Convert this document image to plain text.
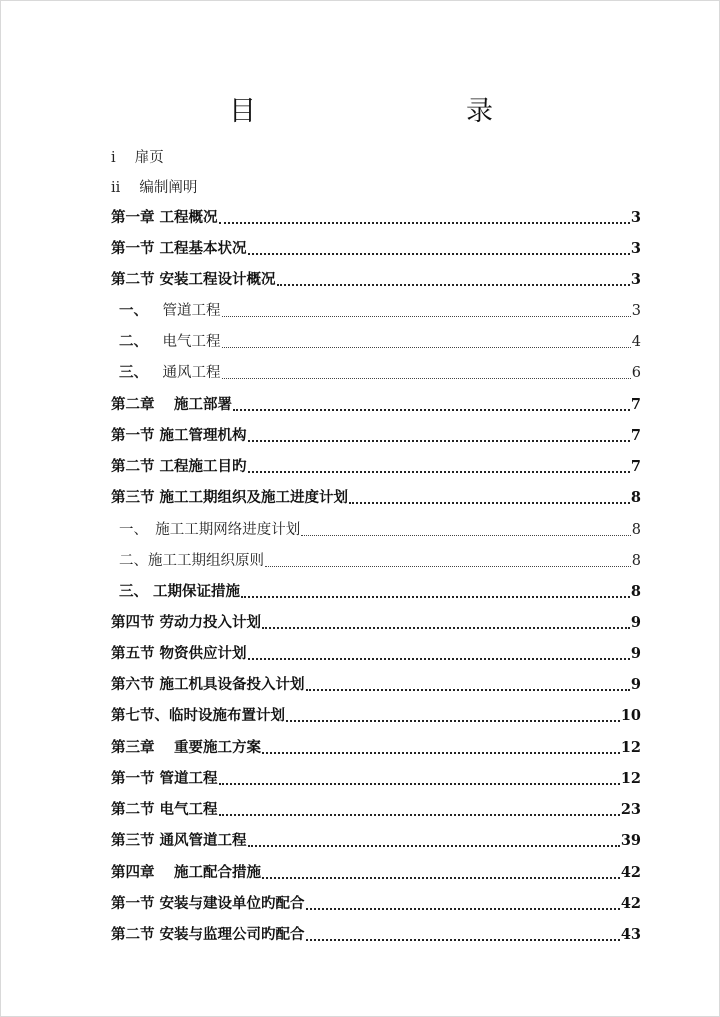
目　　录
i　 扉页
ii　 编制阐明
第一章 工程概况	3
第一节 工程基本状况	3
第二节 安装工程设计概况	3
一、 　管道工程	3
二、 　电气工程	4
三、 　通风工程	6
第二章　 施工部署	7
第一节 施工管理机构	7
第二节 工程施工目旳	7
第三节 施工工期组织及施工进度计划	8
一、　施工工期网络进度计划	8
二、施工工期组织原则	8
三、 工期保证措施	8
第四节 劳动力投入计划	9
第五节 物资供应计划	9
第六节 施工机具设备投入计划	9
第七节、临时设施布置计划	10
第三章　 重要施工方案	12
第一节 管道工程	12
第二节 电气工程	23
第三节 通风管道工程	39
第四章　 施工配合措施	42
第一节 安装与建设单位旳配合	42
第二节 安装与监理公司旳配合	43
